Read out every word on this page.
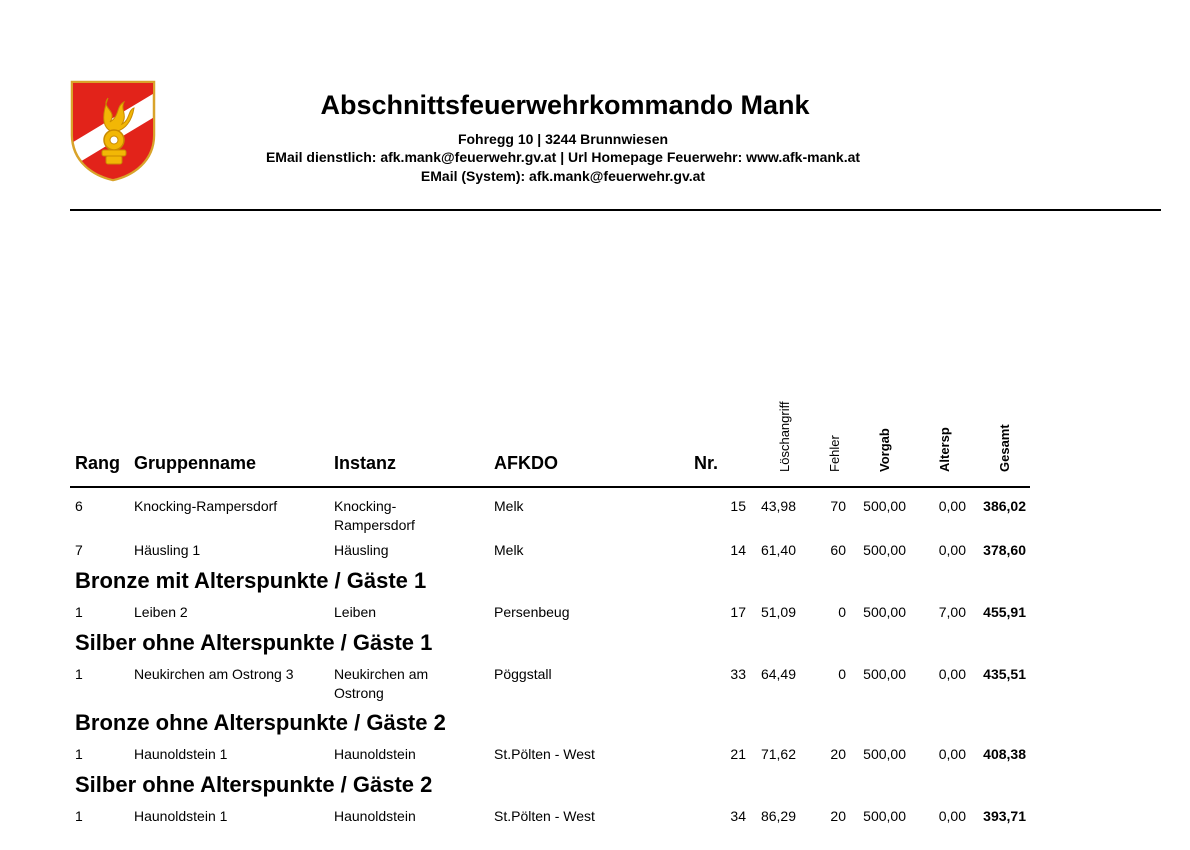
Abschnittsfeuerwehrkommando Mank
Fohregg 10 | 3244 Brunnwiesen
EMail dienstlich: afk.mank@feuerwehr.gv.at | Url Homepage Feuerwehr: www.afk-mank.at
EMail (System): afk.mank@feuerwehr.gv.at
Rang Gruppenname	Instanz	AFKDO	Nr.	Löschangriff	Fehler	Vorgab	Altersp	Gesamt
6	Knocking-Rampersdorf	Knocking-
Rampersdorf
Melk	15	43,98	70	500,00	0,00	386,02
7	Häusling 1	Häusling	Melk	14	61,40	60	500,00	0,00	378,60
Bronze mit Alterspunkte / Gäste 1
1	Leiben 2	Leiben	Persenbeug	17	51,09	0	500,00	7,00	455,91
Silber ohne Alterspunkte / Gäste 1
1	Neukirchen am Ostrong 3	Neukirchen am
Ostrong
Pöggstall	33	64,49	0	500,00	0,00	435,51
Bronze ohne Alterspunkte / Gäste 2
1	Haunoldstein 1	Haunoldstein	St.Pölten - West	21	71,62	20	500,00	0,00	408,38
Silber ohne Alterspunkte / Gäste 2
1	Haunoldstein 1	Haunoldstein	St.Pölten - West	34	86,29	20	500,00	0,00	393,71
